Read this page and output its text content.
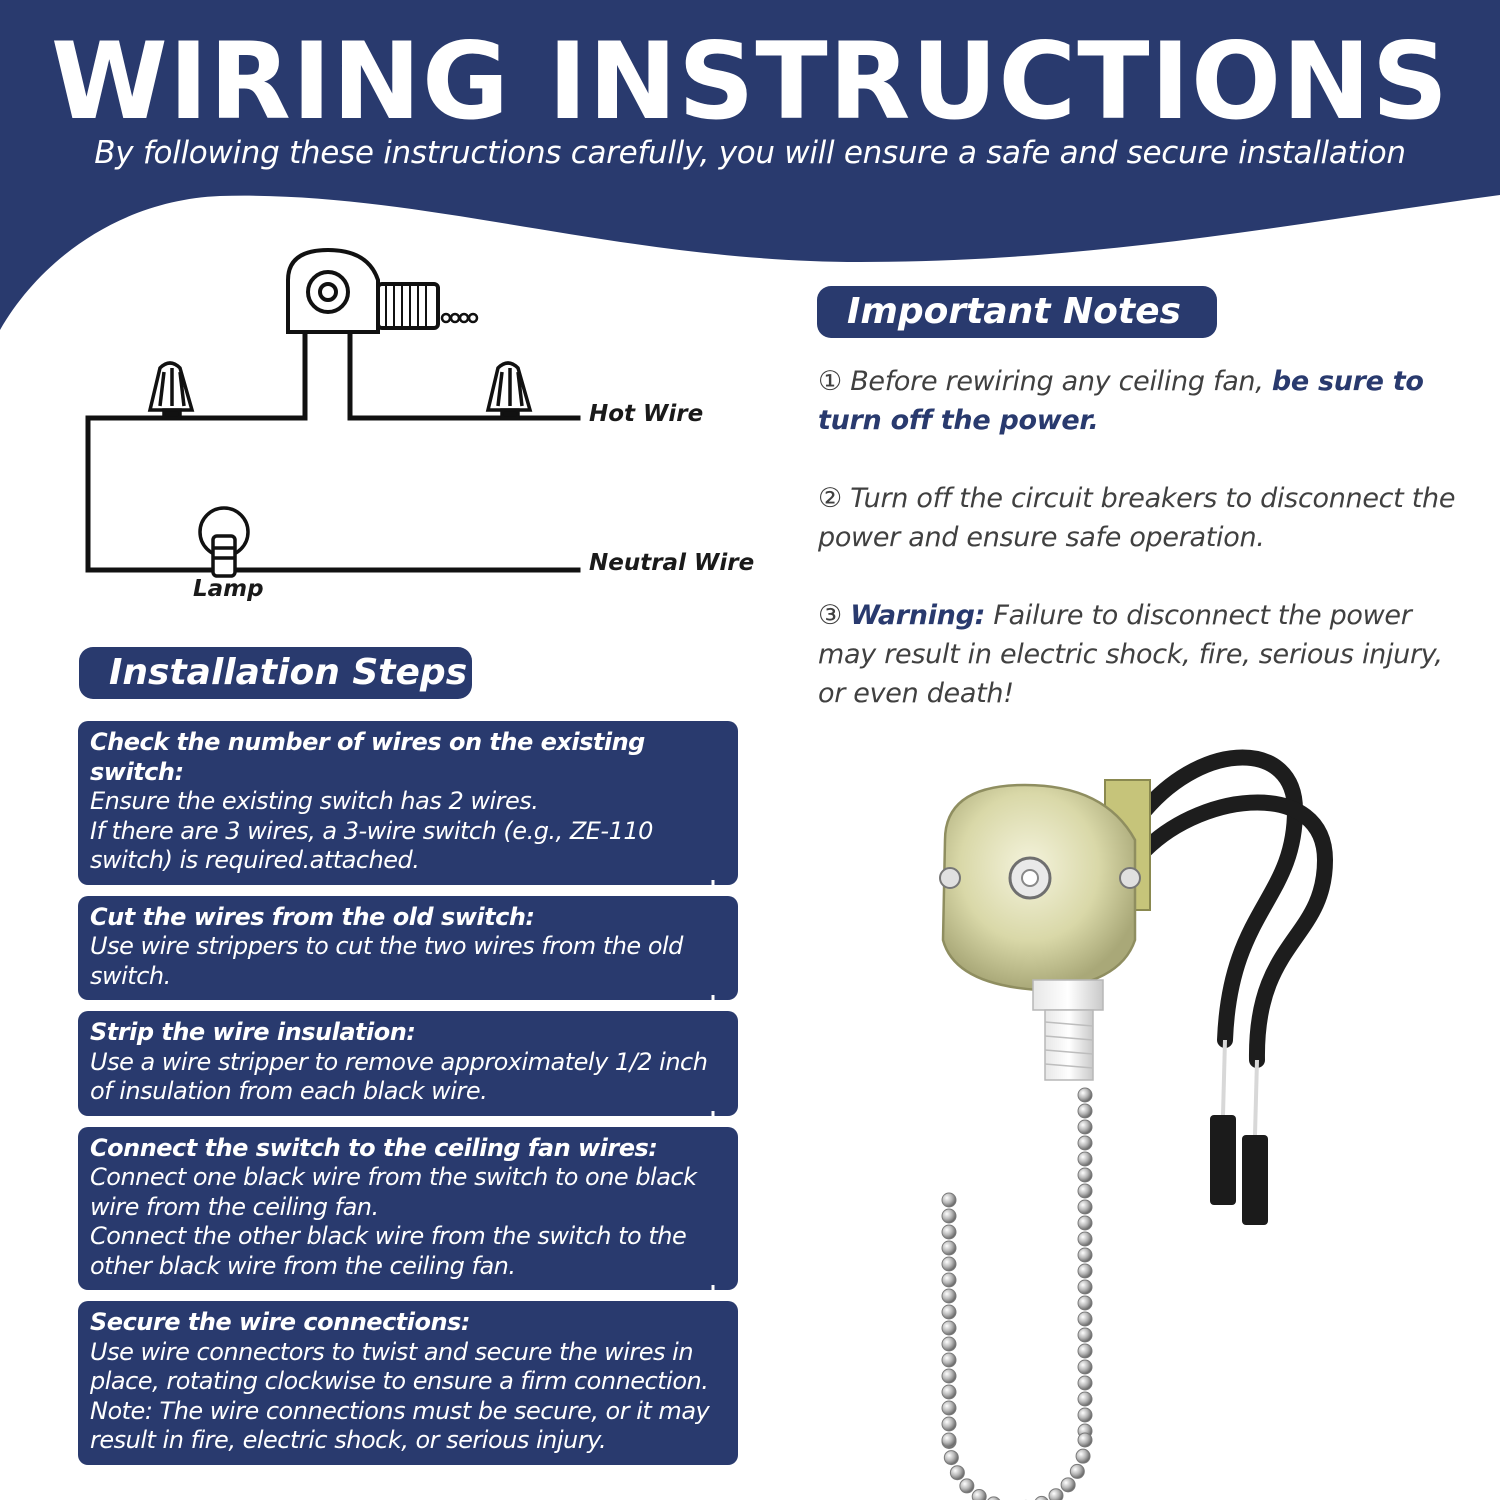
WIRING INSTRUCTIONS
By following these instructions carefully, you will ensure a safe and secure installation
Hot Wire
Neutral Wire
Lamp
Important Notes

① Before rewiring any ceiling fan, be sure to turn off the power.

② Turn off the circuit breakers to disconnect the power and ensure safe operation.

③ Warning: Failure to disconnect the power may result in electric shock, fire, serious injury, or even death!

Installation Steps
Check the number of wires on the existing switch:
Ensure the existing switch has 2 wires.
If there are 3 wires, a 3-wire switch (e.g., ZE-110 switch) is required.attached.
Cut the wires from the old switch:
Use wire strippers to cut the two wires from the old switch.
Strip the wire insulation:
Use a wire stripper to remove approximately 1/2 inch of insulation from each black wire.
Connect the switch to the ceiling fan wires:
Connect one black wire from the switch to one black wire from the ceiling fan.
Connect the other black wire from the switch to the other black wire from the ceiling fan.
Secure the wire connections:
Use wire connectors to twist and secure the wires in place, rotating clockwise to ensure a firm connection.
Note: The wire connections must be secure, or it may result in fire, electric shock, or serious injury.
